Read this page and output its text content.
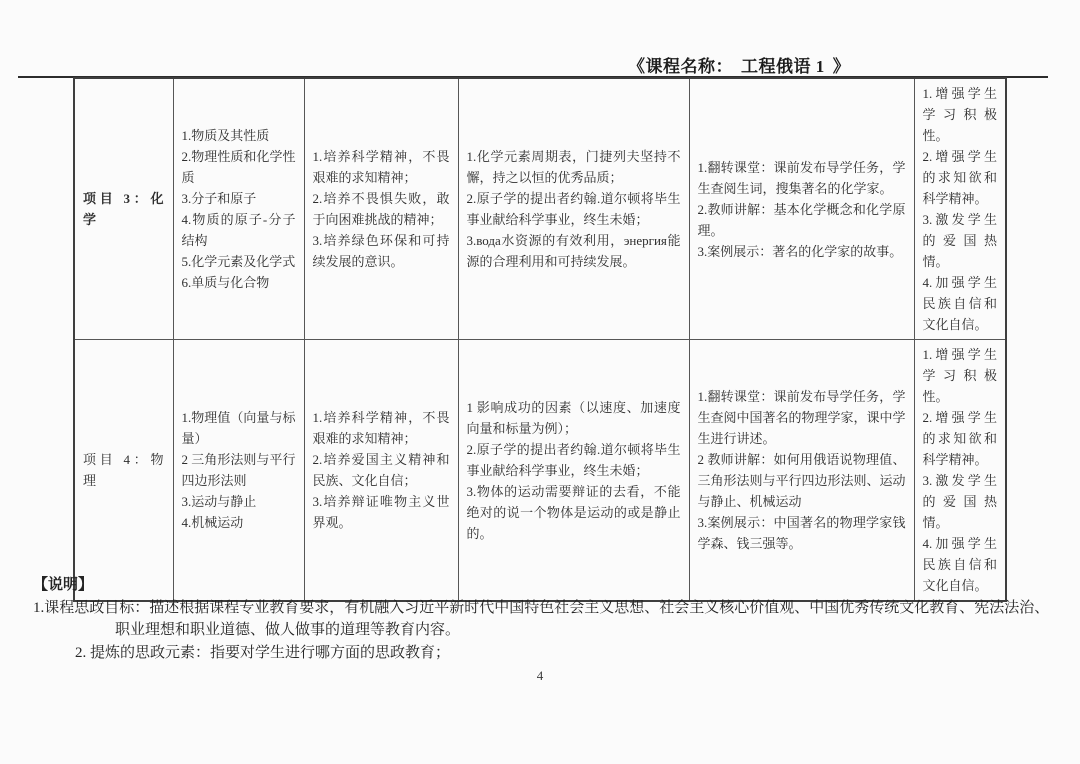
《课程名称： 工程俄语 1 》
项目 3：化学	
1.物质及其性质
2.物理性质和化学性质
3.分子和原子
4.物质的原子-分子结构
5.化学元素及化学式
6.单质与化合物

1.培养科学精神，不畏艰难的求知精神；
2.培养不畏惧失败，敢于向困难挑战的精神；
3.培养绿色环保和可持续发展的意识。

1.化学元素周期表，门捷列夫坚持不懈，持之以恒的优秀品质；
2.原子学的提出者约翰.道尔顿将毕生事业献给科学事业，终生未婚；
3.вода水资源的有效利用，энергия能源的合理利用和可持续发展。

1.翻转课堂：课前发布导学任务，学生查阅生词，搜集著名的化学家。
2.教师讲解：基本化学概念和化学原理。
3.案例展示：著名的化学家的故事。

1.增强学生学习积极性。
2.增强学生的求知欲和科学精神。
3.激发学生的爱国热情。
4.加强学生民族自信和文化自信。

项目 4：物理	
1.物理值（向量与标量）
2 三角形法则与平行四边形法则
3.运动与静止
4.机械运动

1.培养科学精神，不畏艰难的求知精神；
2.培养爱国主义精神和民族、文化自信；
3.培养辩证唯物主义世界观。

1 影响成功的因素（以速度、加速度向量和标量为例）；
2.原子学的提出者约翰.道尔顿将毕生事业献给科学事业，终生未婚；
3.物体的运动需要辩证的去看，不能绝对的说一个物体是运动的或是静止的。

1.翻转课堂：课前发布导学任务，学生查阅中国著名的物理学家，课中学生进行讲述。
2 教师讲解：如何用俄语说物理值、三角形法则与平行四边形法则、运动与静止、机械运动
3.案例展示：中国著名的物理学家钱学森、钱三强等。

1.增强学生学习积极性。
2.增强学生的求知欲和科学精神。
3.激发学生的爱国热情。
4.加强学生民族自信和文化自信。
【说明】
1.课程思政目标：描述根据课程专业教育要求，有机融入习近平新时代中国特色社会主义思想、社会主义核心价值观、中国优秀传统文化教育、宪法法治、
职业理想和职业道德、做人做事的道理等教育内容。
2. 提炼的思政元素：指要对学生进行哪方面的思政教育；
4
